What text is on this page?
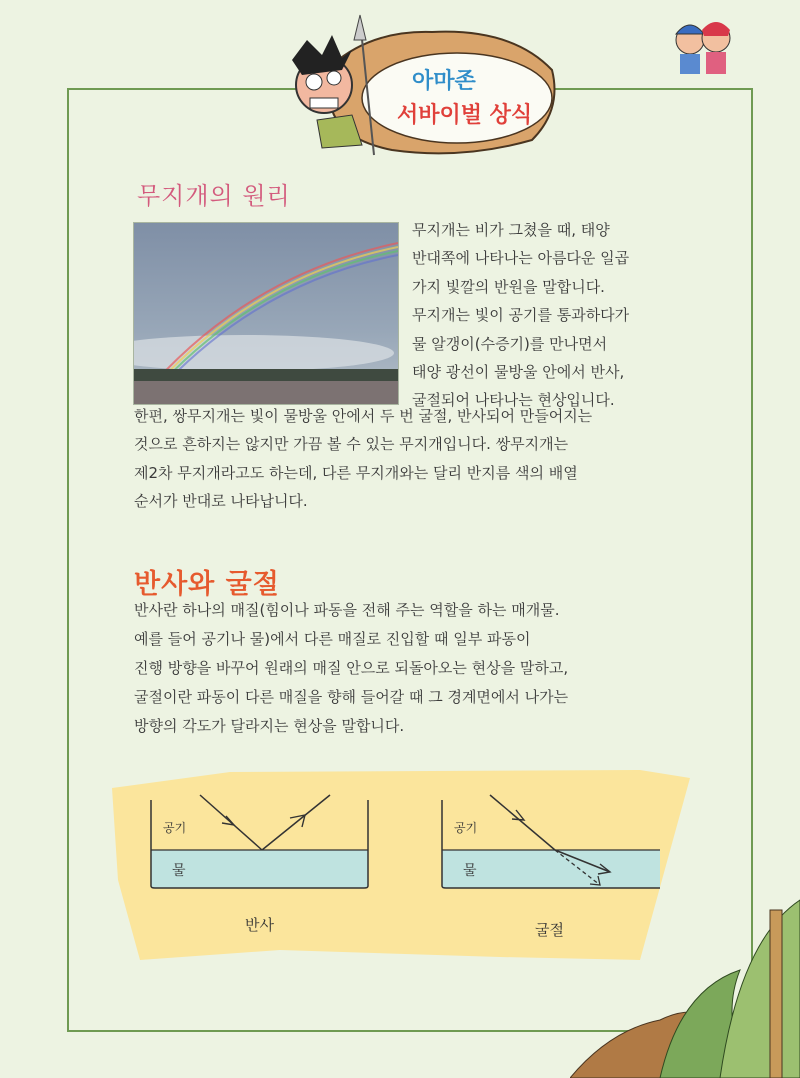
아마존
서바이벌 상식
무지개의 원리
무지개는 비가 그쳤을 때, 태양
반대쪽에 나타나는 아름다운 일곱
가지 빛깔의 반원을 말합니다.
무지개는 빛이 공기를 통과하다가
물 알갱이(수증기)를 만나면서
태양 광선이 물방울 안에서 반사,
굴절되어 나타나는 현상입니다.
한편, 쌍무지개는 빛이 물방울 안에서 두 번 굴절, 반사되어 만들어지는
것으로 흔하지는 않지만 가끔 볼 수 있는 무지개입니다. 쌍무지개는
제2차 무지개라고도 하는데, 다른 무지개와는 달리 반지름 색의 배열
순서가 반대로 나타납니다.
반사와 굴절
반사란 하나의 매질(힘이나 파동을 전해 주는 역할을 하는 매개물.
예를 들어 공기나 물)에서 다른 매질로 진입할 때 일부 파동이
진행 방향을 바꾸어 원래의 매질 안으로 되돌아오는 현상을 말하고,
굴절이란 파동이 다른 매질을 향해 들어갈 때 그 경계면에서 나가는
방향의 각도가 달라지는 현상을 말합니다.
공기
물
반사
공기
물
굴절
